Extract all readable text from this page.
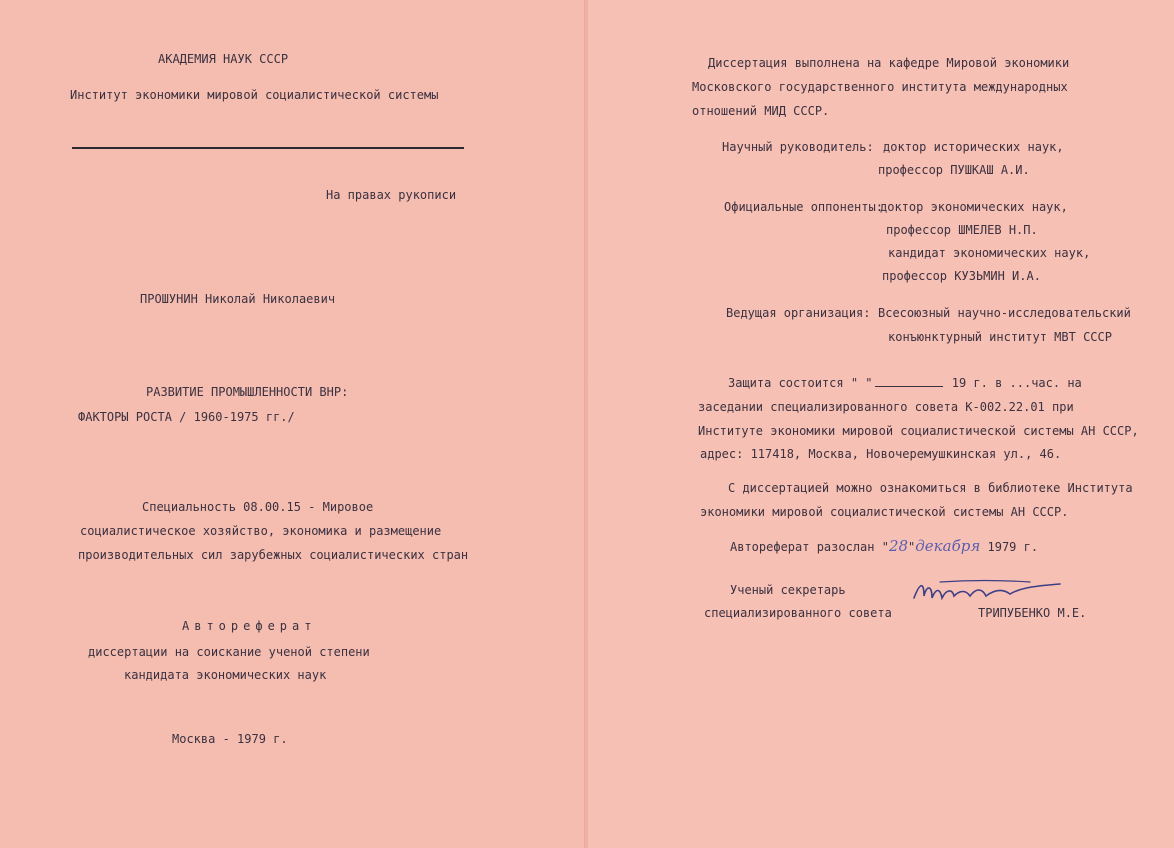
АКАДЕМИЯ НАУК СССР
Институт экономики мировой социалистической системы
На правах рукописи
ПРОШУНИН Николай Николаевич
РАЗВИТИЕ ПРОМЫШЛЕННОСТИ ВНР:
ФАКТОРЫ РОСТА / 1960-1975 гг./
Специальность 08.00.15 - Мировое
социалистическое хозяйство, экономика и размещение
производительных сил зарубежных социалистических стран
Автореферат
диссертации на соискание ученой степени
кандидата экономических наук
Москва - 1979 г.
Диссертация выполнена на кафедре Мировой экономики
Московского государственного института международных
отношений МИД СССР.
Научный руководитель: доктор исторических наук,
профессор ПУШКАШ А.И.
Официальные оппоненты:
доктор экономических наук,
профессор ШМЕЛЕВ Н.П.
кандидат экономических наук,
профессор КУЗЬМИН И.А.
Ведущая организация: Всесоюзный научно-исследовательский
конъюнктурный институт МВТ СССР
Защита состоится " "	19 г. в ...час. на
заседании специализированного совета К-002.22.01 при
Институте экономики мировой социалистической системы АН СССР,
адрес: 117418, Москва, Новочеремушкинская ул., 46.
С диссертацией можно ознакомиться в библиотеке Института
экономики мировой социалистической системы АН СССР.
Автореферат разослан "28"декабря 1979 г.
Ученый секретарь
специализированного совета	ТРИПУБЕНКО М.Е.
